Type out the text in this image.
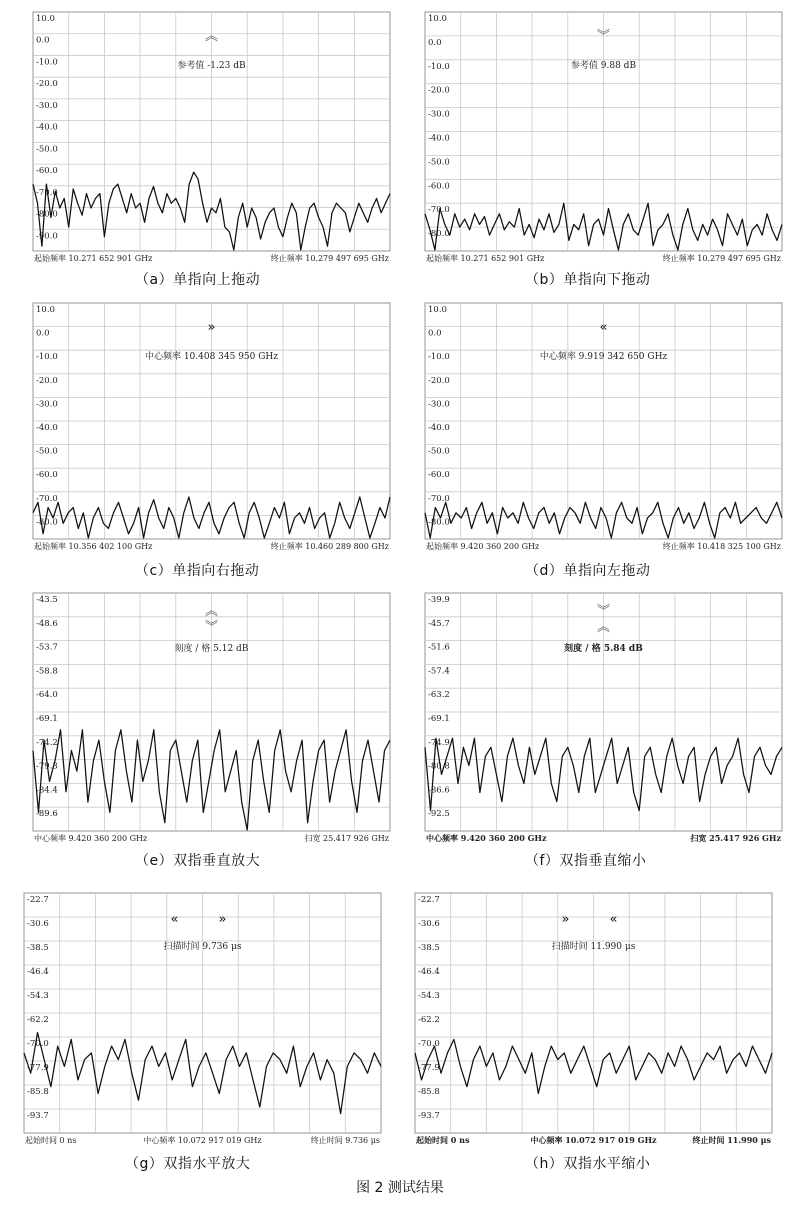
10.0
0.0
-10.0
-20.0
-30.0
-40.0
-50.0
-60.0
-70.0
-80.0
-90.0
︽
参考值 -1.23 dB
起始频率 10.271 652 901 GHz	终止频率 10.279 497 695 GHz
10.0
0.0
-10.0
-20.0
-30.0
-40.0
-50.0
-60.0
-70.0
-80.0
︾
参考值 9.88 dB
起始频率 10.271 652 901 GHz	终止频率 10.279 497 695 GHz
10.0
0.0
-10.0
-20.0
-30.0
-40.0
-50.0
-60.0
-70.0
-80.0
»
中心频率 10.408 345 950 GHz
起始频率 10.356 402 100 GHz	终止频率 10.460 289 800 GHz
10.0
0.0
-10.0
-20.0
-30.0
-40.0
-50.0
-60.0
-70.0
-80.0
«
中心频率 9.919 342 650 GHz
起始频率 9.420 360 200 GHz	终止频率 10.418 325 100 GHz
-43.5
-48.6
-53.7
-58.8
-64.0
-69.1
-74.2
-79.3
-84.4
-89.6
︽
︾
刻度 / 格 5.12 dB
中心频率 9.420 360 200 GHz	扫宽 25.417 926 GHz
-39.9
-45.7
-51.6
-57.4
-63.2
-69.1
-74.9
-80.8
-86.6
-92.5
︾
︽
刻度 / 格 5.84 dB
中心频率 9.420 360 200 GHz	扫宽 25.417 926 GHz
-22.7
-30.6
-38.5
-46.4
-54.3
-62.2
-70.0
-77.9
-85.8
-93.7
«	»
扫描时间 9.736 μs
起始时间 0 ns	中心频率 10.072 917 019 GHz	终止时间 9.736 μs
-22.7
-30.6
-38.5
-46.4
-54.3
-62.2
-70.0
-77.9
-85.8
-93.7
»	«
扫描时间 11.990 μs
起始时间 0 ns	中心频率 10.072 917 019 GHz	终止时间 11.990 μs
（a）单指向上拖动	（b）单指向下拖动
（c）单指向右拖动	（d）单指向左拖动
（e）双指垂直放大	（f）双指垂直缩小
（g）双指水平放大	（h）双指水平缩小
图 2 测试结果
